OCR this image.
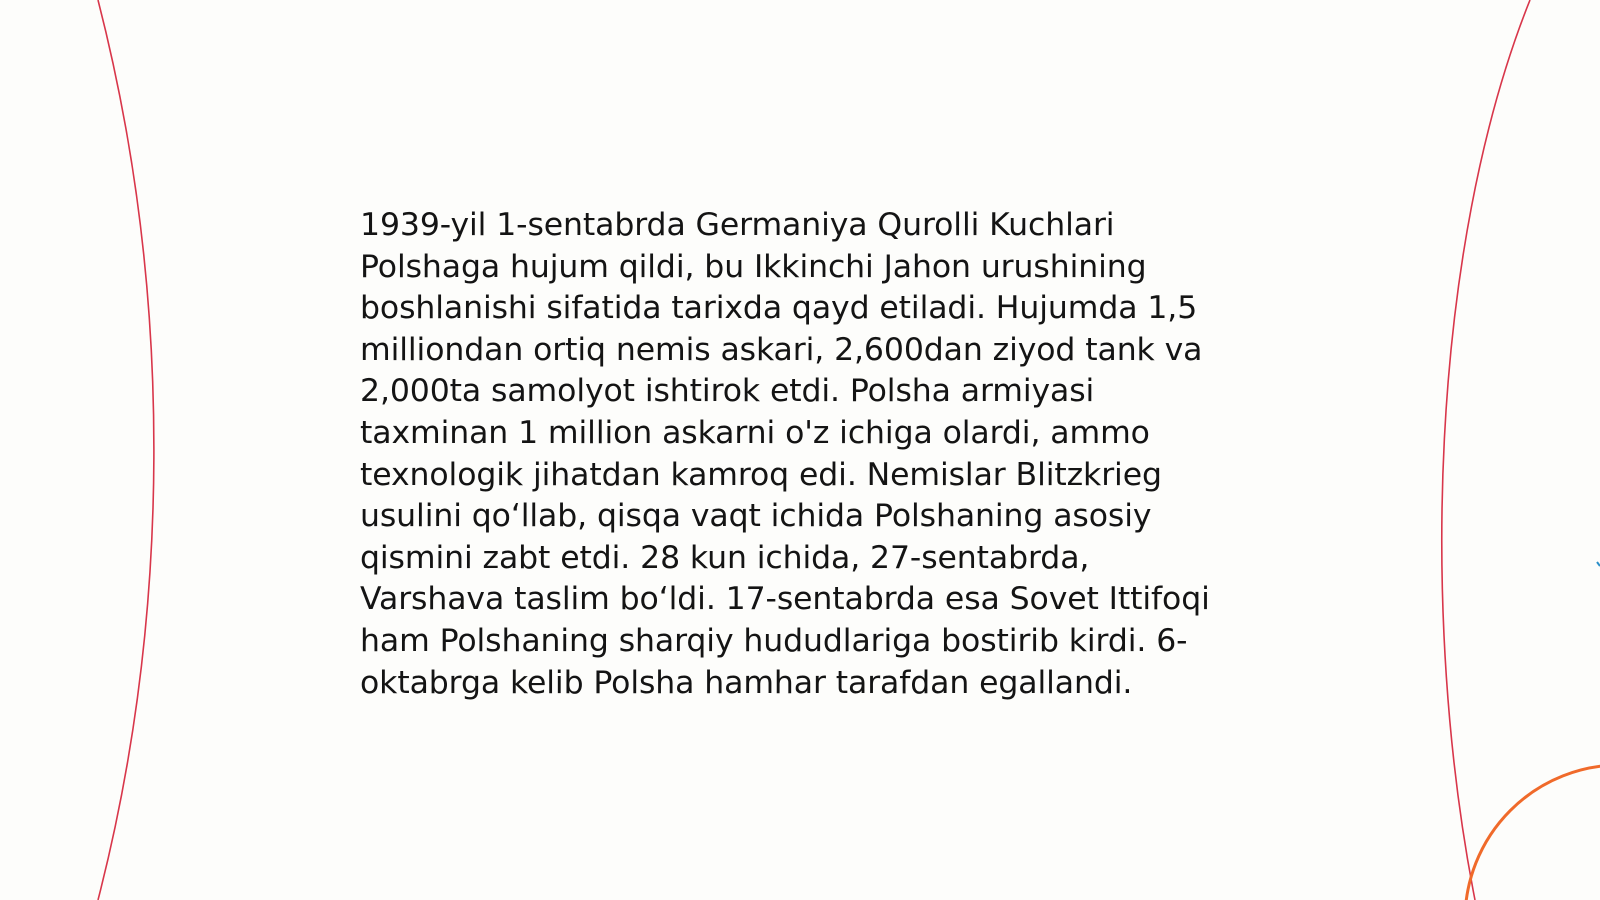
1939-yil 1-sentabrda Germaniya Qurolli Kuchlari Polshaga hujum qildi, bu Ikkinchi Jahon urushining boshlanishi sifatida tarixda qayd etiladi. Hujumda 1,5 milliondan ortiq nemis askari, 2,600dan ziyod tank va 2,000ta samolyot ishtirok etdi. Polsha armiyasi taxminan 1 million askarni o'z ichiga olardi, ammo texnologik jihatdan kamroq edi. Nemislar Blitzkrieg usulini qo‘llab, qisqa vaqt ichida Polshaning asosiy qismini zabt etdi. 28 kun ichida, 27-sentabrda, Varshava taslim bo‘ldi. 17-sentabrda esa Sovet Ittifoqi ham Polshaning sharqiy hududlariga bostirib kirdi. 6-oktabrga kelib Polsha hamhar tarafdan egallandi.
